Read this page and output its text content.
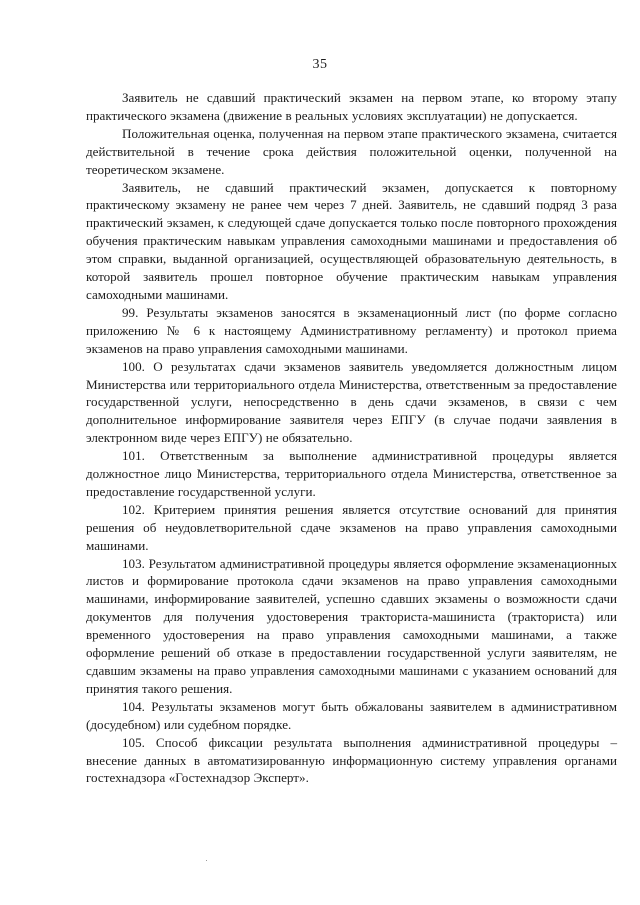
35

Заявитель не сдавший практический экзамен на первом этапе, ко второму этапу практического экзамена (движение в реальных условиях эксплуатации) не допускается.

Положительная оценка, полученная на первом этапе практического экзамена, считается действительной в течение срока действия положительной оценки, полученной на теоретическом экзамене.

Заявитель, не сдавший практический экзамен, допускается к повторному практическому экзамену не ранее чем через 7 дней. Заявитель, не сдавший подряд 3 раза практический экзамен, к следующей сдаче допускается только после повторного прохождения обучения практическим навыкам управления самоходными машинами и предоставления об этом справки, выданной организацией, осуществляющей образовательную деятельность, в которой заявитель прошел повторное обучение практическим навыкам управления самоходными машинами.

99. Результаты экзаменов заносятся в экзаменационный лист (по форме согласно приложению № 6 к настоящему Административному регламенту) и протокол приема экзаменов на право управления самоходными машинами.

100. О результатах сдачи экзаменов заявитель уведомляется должностным лицом Министерства или территориального отдела Министерства, ответственным за предоставление государственной услуги, непосредственно в день сдачи экзаменов, в связи с чем дополнительное информирование заявителя через ЕПГУ (в случае подачи заявления в электронном виде через ЕПГУ) не обязательно.

101. Ответственным за выполнение административной процедуры является должностное лицо Министерства, территориального отдела Министерства, ответственное за предоставление государственной услуги.

102. Критерием принятия решения является отсутствие оснований для принятия решения об неудовлетворительной сдаче экзаменов на право управления самоходными машинами.

103. Результатом административной процедуры является оформление экзаменационных листов и формирование протокола сдачи экзаменов на право управления самоходными машинами, информирование заявителей, успешно сдавших экзамены о возможности сдачи документов для получения удостоверения тракториста-машиниста (тракториста) или временного удостоверения на право управления самоходными машинами, а также оформление решений об отказе в предоставлении государственной услуги заявителям, не сдавшим экзамены на право управления самоходными машинами с указанием оснований для принятия такого решения.

104. Результаты экзаменов могут быть обжалованы заявителем в административном (досудебном) или судебном порядке.

105. Способ фиксации результата выполнения административной процедуры – внесение данных в автоматизированную информационную систему управления органами гостехнадзора «Гостехнадзор Эксперт».
